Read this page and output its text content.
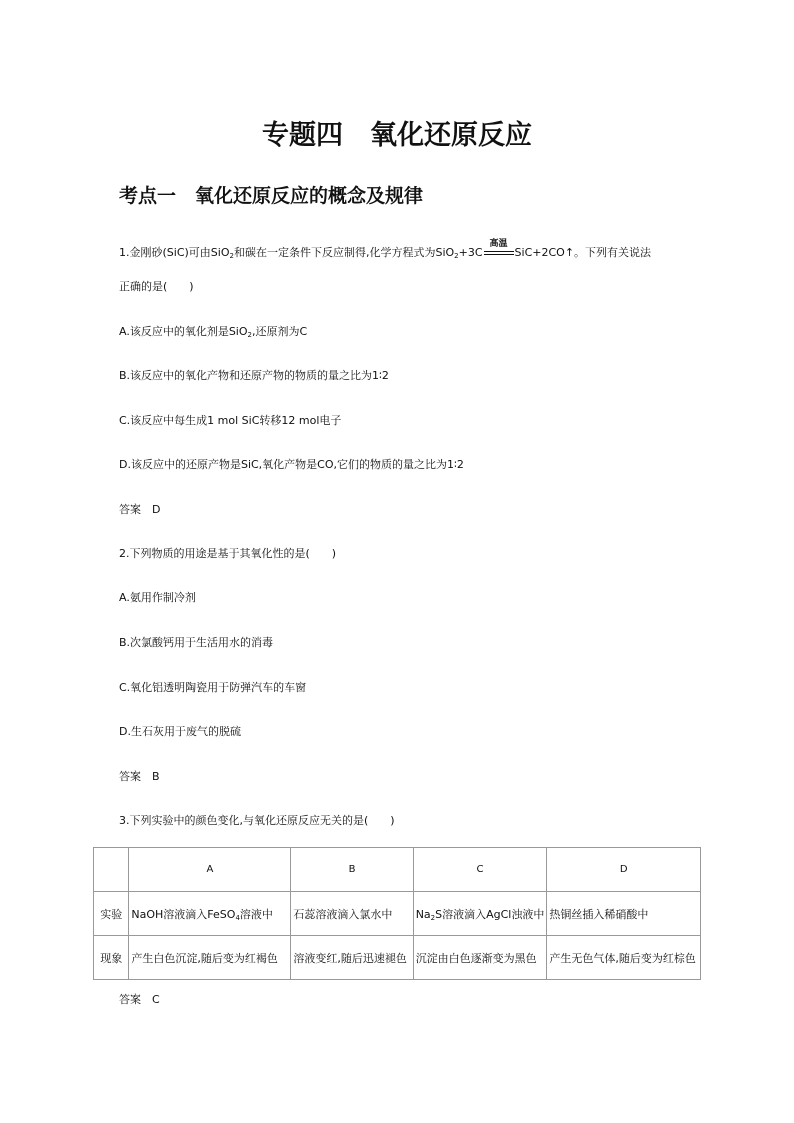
专题四　氧化还原反应
考点一　氧化还原反应的概念及规律
1.金刚砂(SiC)可由SiO$_2$和碳在一定条件下反应制得,化学方程式为SiO$_2$+3C
高温
SiC+2CO↑。下列有关说法
正确的是(　　)
A.该反应中的氧化剂是SiO$_2$,还原剂为C
B.该反应中的氧化产物和还原产物的物质的量之比为1∶2
C.该反应中每生成1 mol SiC转移12 mol电子
D.该反应中的还原产物是SiC,氧化产物是CO,它们的物质的量之比为1∶2
答案　D
2.下列物质的用途是基于其氧化性的是(　　)
A.氨用作制冷剂
B.次氯酸钙用于生活用水的消毒
C.氧化铝透明陶瓷用于防弹汽车的车窗
D.生石灰用于废气的脱硫
答案　B
3.下列实验中的颜色变化,与氧化还原反应无关的是(　　)
	A	B	C	D
实验	NaOH溶液滴入FeSO$_4$溶液中	石蕊溶液滴入氯水中	$Na_2S$溶液滴入AgCl浊液中	热铜丝插入稀硝酸中
现象	产生白色沉淀,随后变为红褐色	溶液变红,随后迅速褪色	沉淀由白色逐渐变为黑色	产生无色气体,随后变为红棕色
答案　C
